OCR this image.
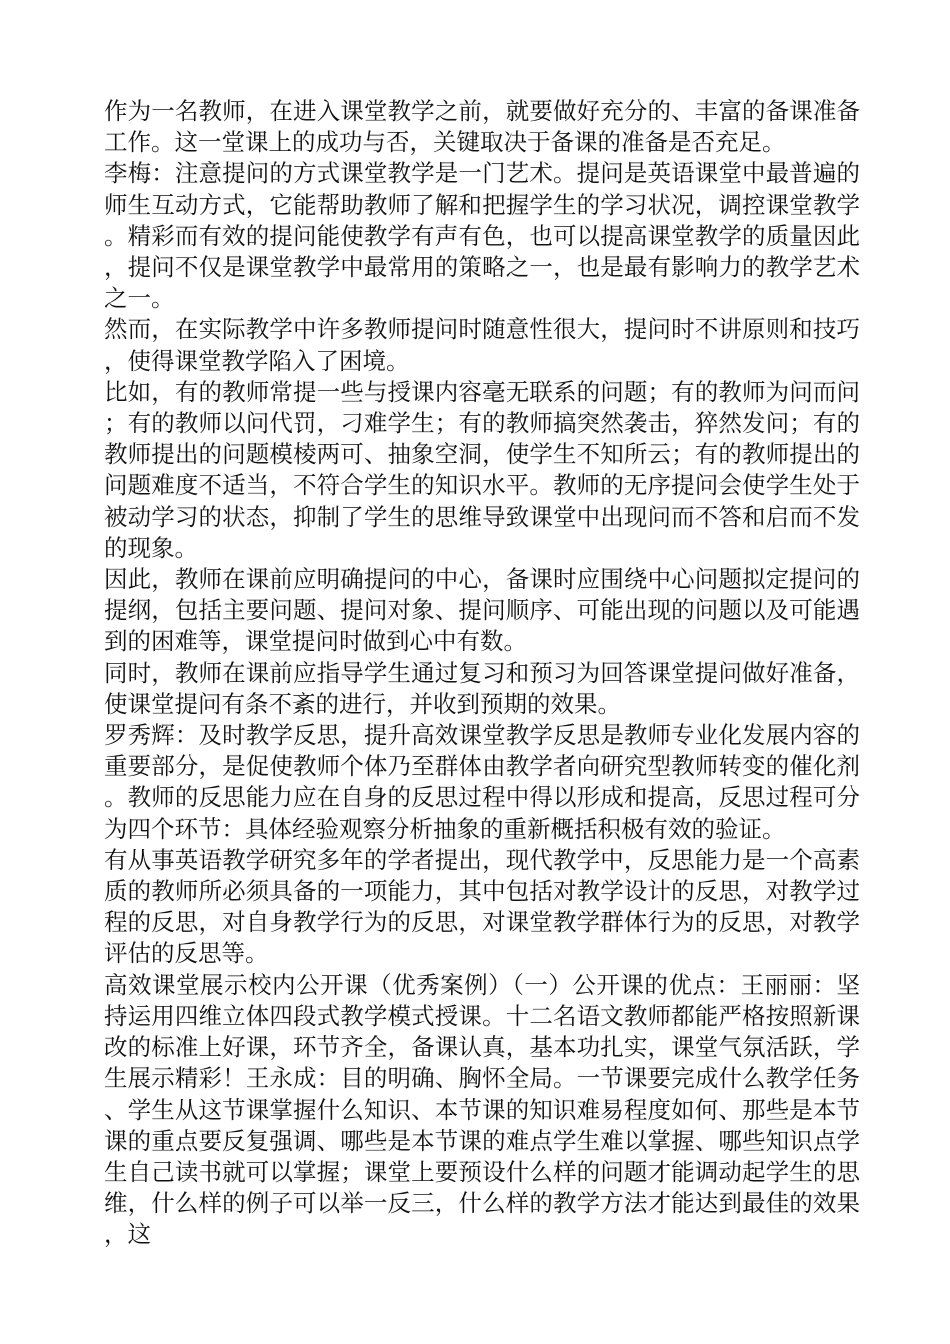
作为一名教师，在进入课堂教学之前，就要做好充分的、丰富的备课准备工作。这一堂课上的成功与否，关键取决于备课的准备是否充足。

李梅：注意提问的方式课堂教学是一门艺术。提问是英语课堂中最普遍的师生互动方式，它能帮助教师了解和把握学生的学习状况，调控课堂教学。精彩而有效的提问能使教学有声有色，也可以提高课堂教学的质量因此，提问不仅是课堂教学中最常用的策略之一，也是最有影响力的教学艺术之一。

然而，在实际教学中许多教师提问时随意性很大，提问时不讲原则和技巧，使得课堂教学陷入了困境。

比如，有的教师常提一些与授课内容毫无联系的问题；有的教师为问而问；有的教师以问代罚，刁难学生；有的教师搞突然袭击，猝然发问；有的教师提出的问题模棱两可、抽象空洞，使学生不知所云；有的教师提出的问题难度不适当，不符合学生的知识水平。教师的无序提问会使学生处于被动学习的状态，抑制了学生的思维导致课堂中出现问而不答和启而不发的现象。

因此，教师在课前应明确提问的中心，备课时应围绕中心问题拟定提问的提纲，包括主要问题、提问对象、提问顺序、可能出现的问题以及可能遇到的困难等，课堂提问时做到心中有数。

同时，教师在课前应指导学生通过复习和预习为回答课堂提问做好准备，使课堂提问有条不紊的进行，并收到预期的效果。

罗秀辉：及时教学反思，提升高效课堂教学反思是教师专业化发展内容的重要部分，是促使教师个体乃至群体由教学者向研究型教师转变的催化剂。教师的反思能力应在自身的反思过程中得以形成和提高，反思过程可分为四个环节：具体经验观察分析抽象的重新概括积极有效的验证。

有从事英语教学研究多年的学者提出，现代教学中，反思能力是一个高素质的教师所必须具备的一项能力，其中包括对教学设计的反思，对教学过程的反思，对自身教学行为的反思，对课堂教学群体行为的反思，对教学评估的反思等。

高效课堂展示校内公开课（优秀案例）（一）公开课的优点：王丽丽：坚持运用四维立体四段式教学模式授课。十二名语文教师都能严格按照新课改的标准上好课，环节齐全，备课认真，基本功扎实，课堂气氛活跃，学生展示精彩！王永成：目的明确、胸怀全局。一节课要完成什么教学任务、学生从这节课掌握什么知识、本节课的知识难易程度如何、那些是本节课的重点要反复强调、哪些是本节课的难点学生难以掌握、哪些知识点学生自己读书就可以掌握；课堂上要预设什么样的问题才能调动起学生的思维，什么样的例子可以举一反三，什么样的教学方法才能达到最佳的效果，这
